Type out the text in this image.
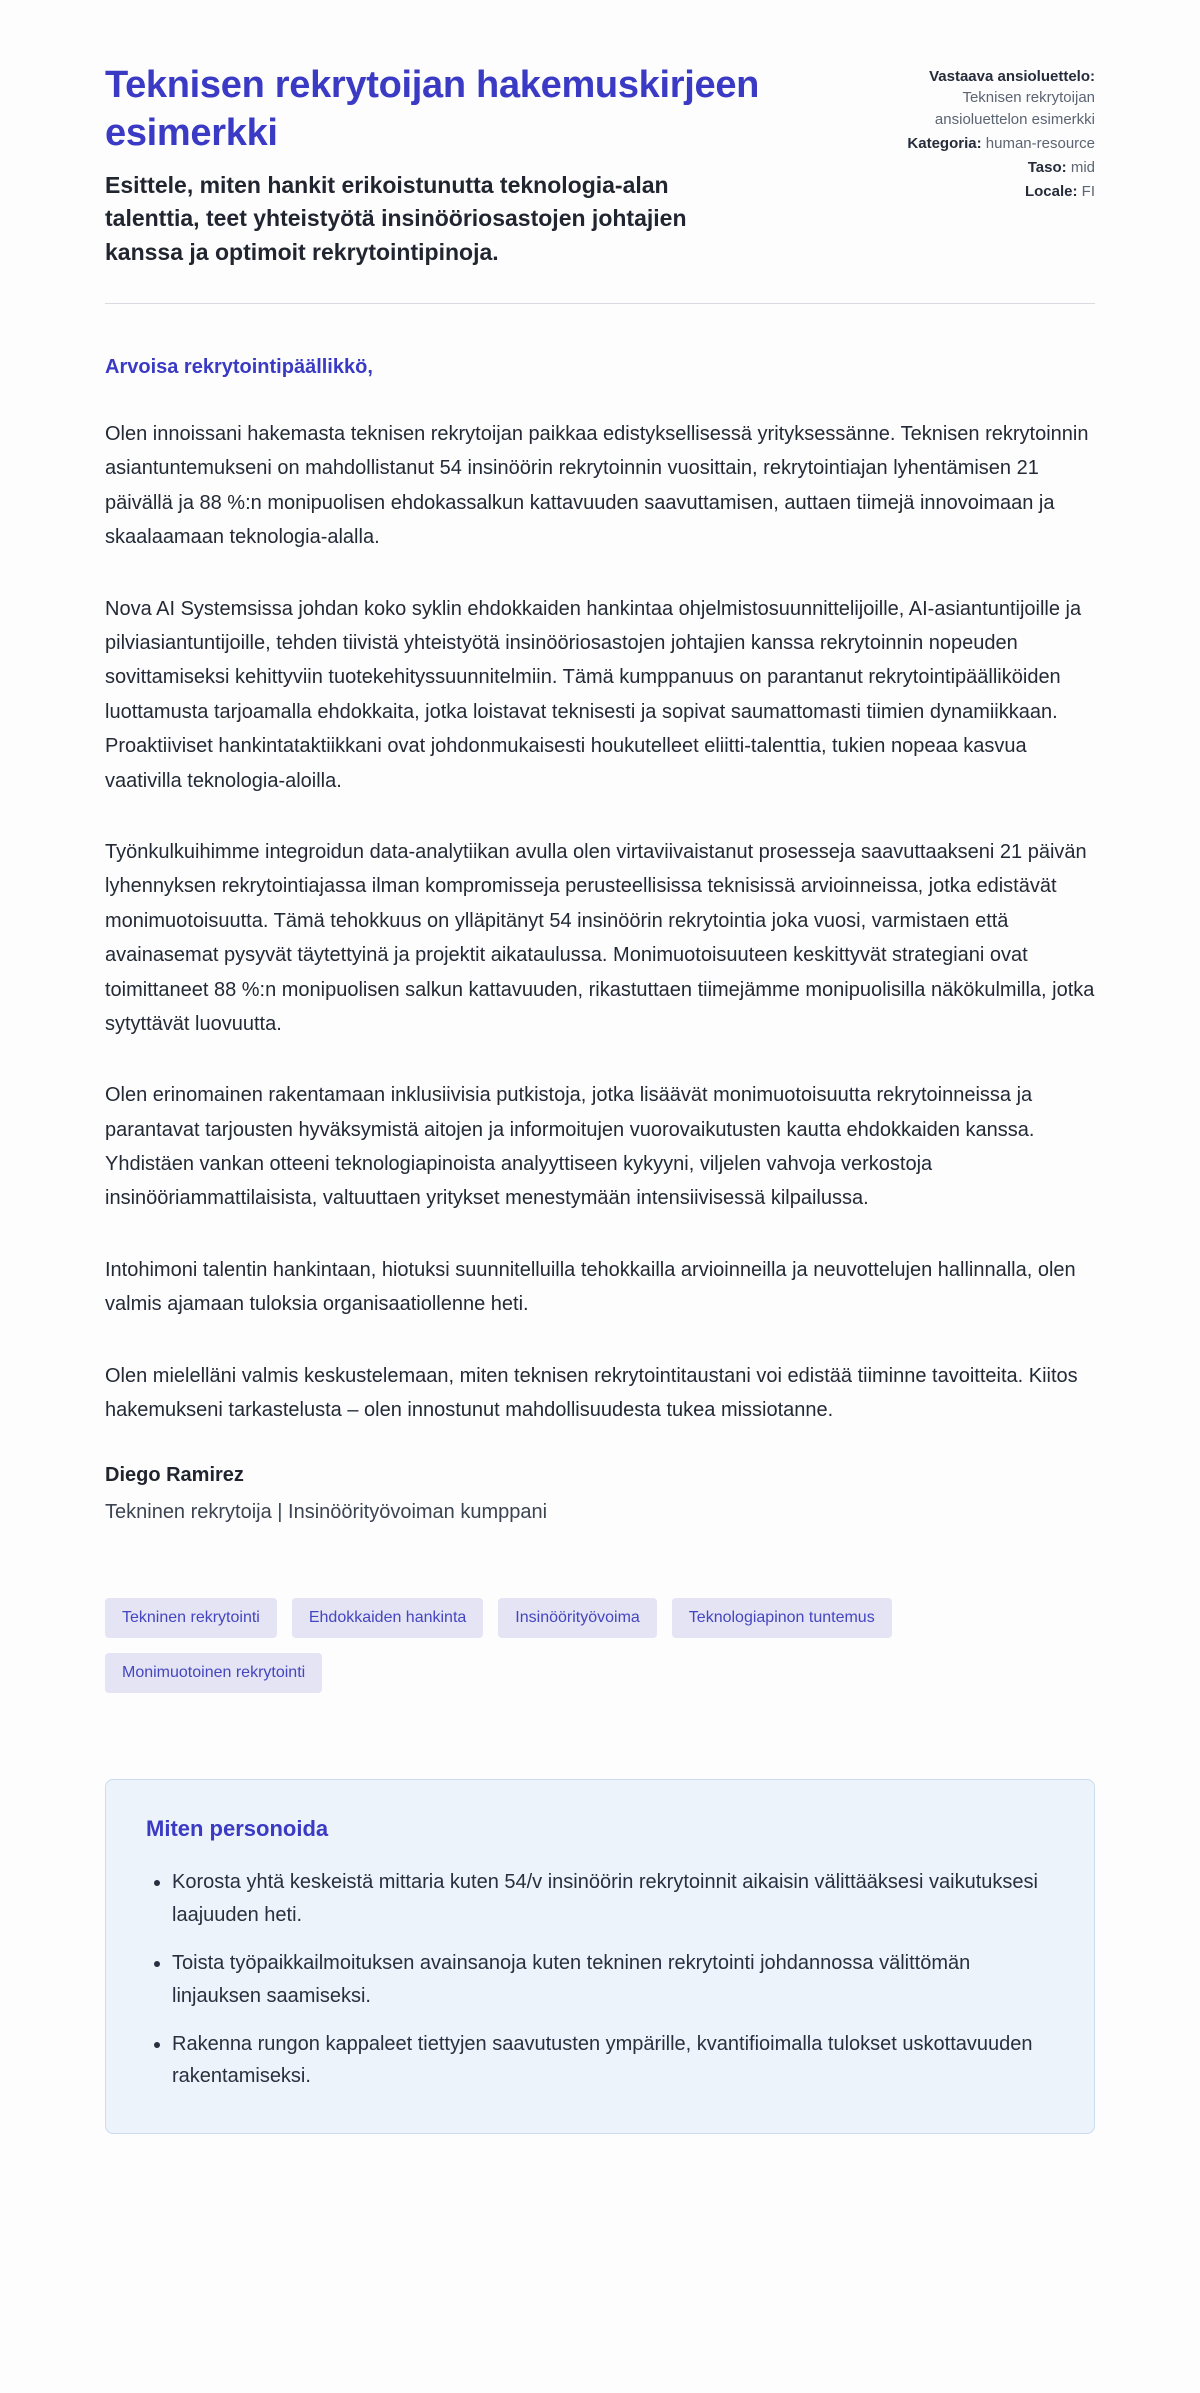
Teknisen rekrytoijan hakemuskirjeen esimerkki

Esittele, miten hankit erikoistunutta teknologia-alan talenttia, teet yhteistyötä insinööriosastojen johtajien kanssa ja optimoit rekrytointipinoja.

Vastaava ansioluettelo: Teknisen rekrytoijan ansioluettelon esimerkki
Kategoria: human-resource
Taso: mid
Locale: FI

Arvoisa rekrytointipäällikkö,

Olen innoissani hakemasta teknisen rekrytoijan paikkaa edistyksellisessä yrityksessänne. Teknisen rekrytoinnin asiantuntemukseni on mahdollistanut 54 insinöörin rekrytoinnin vuosittain, rekrytointiajan lyhentämisen 21 päivällä ja 88 %:n monipuolisen ehdokassalkun kattavuuden saavuttamisen, auttaen tiimejä innovoimaan ja skaalaamaan teknologia-alalla.

Nova AI Systemsissa johdan koko syklin ehdokkaiden hankintaa ohjelmistosuunnittelijoille, AI-asiantuntijoille ja pilviasiantuntijoille, tehden tiivistä yhteistyötä insinööriosastojen johtajien kanssa rekrytoinnin nopeuden sovittamiseksi kehittyviin tuotekehityssuunnitelmiin. Tämä kumppanuus on parantanut rekrytointipäälliköiden luottamusta tarjoamalla ehdokkaita, jotka loistavat teknisesti ja sopivat saumattomasti tiimien dynamiikkaan. Proaktiiviset hankintataktiikkani ovat johdonmukaisesti houkutelleet eliitti-talenttia, tukien nopeaa kasvua vaativilla teknologia-aloilla.

Työnkulkuihimme integroidun data-analytiikan avulla olen virtaviivaistanut prosesseja saavuttaakseni 21 päivän lyhennyksen rekrytointiajassa ilman kompromisseja perusteellisissa teknisissä arvioinneissa, jotka edistävät monimuotoisuutta. Tämä tehokkuus on ylläpitänyt 54 insinöörin rekrytointia joka vuosi, varmistaen että avainasemat pysyvät täytettyinä ja projektit aikataulussa. Monimuotoisuuteen keskittyvät strategiani ovat toimittaneet 88 %:n monipuolisen salkun kattavuuden, rikastuttaen tiimejämme monipuolisilla näkökulmilla, jotka sytyttävät luovuutta.

Olen erinomainen rakentamaan inklusiivisia putkistoja, jotka lisäävät monimuotoisuutta rekrytoinneissa ja parantavat tarjousten hyväksymistä aitojen ja informoitujen vuorovaikutusten kautta ehdokkaiden kanssa. Yhdistäen vankan otteeni teknologiapinoista analyyttiseen kykyyni, viljelen vahvoja verkostoja insinööriammattilaisista, valtuuttaen yritykset menestymään intensiivisessä kilpailussa.

Intohimoni talentin hankintaan, hiotuksi suunnitelluilla tehokkailla arvioinneilla ja neuvottelujen hallinnalla, olen valmis ajamaan tuloksia organisaatiollenne heti.

Olen mielelläni valmis keskustelemaan, miten teknisen rekrytointitaustani voi edistää tiiminne tavoitteita. Kiitos hakemukseni tarkastelusta – olen innostunut mahdollisuudesta tukea missiotanne.

Diego Ramirez

Tekninen rekrytoija | Insinöörityövoiman kumppani

Tekninen rekrytointi	Ehdokkaiden hankinta	Insinöörityövoima	Teknologiapinon tuntemus
Monimuotoinen rekrytointi
Miten personoida
• Korosta yhtä keskeistä mittaria kuten 54/v insinöörin rekrytoinnit aikaisin välittääksesi vaikutuksesi laajuuden heti.
• Toista työpaikkailmoituksen avainsanoja kuten tekninen rekrytointi johdannossa välittömän linjauksen saamiseksi.
• Rakenna rungon kappaleet tiettyjen saavutusten ympärille, kvantifioimalla tulokset uskottavuuden rakentamiseksi.
